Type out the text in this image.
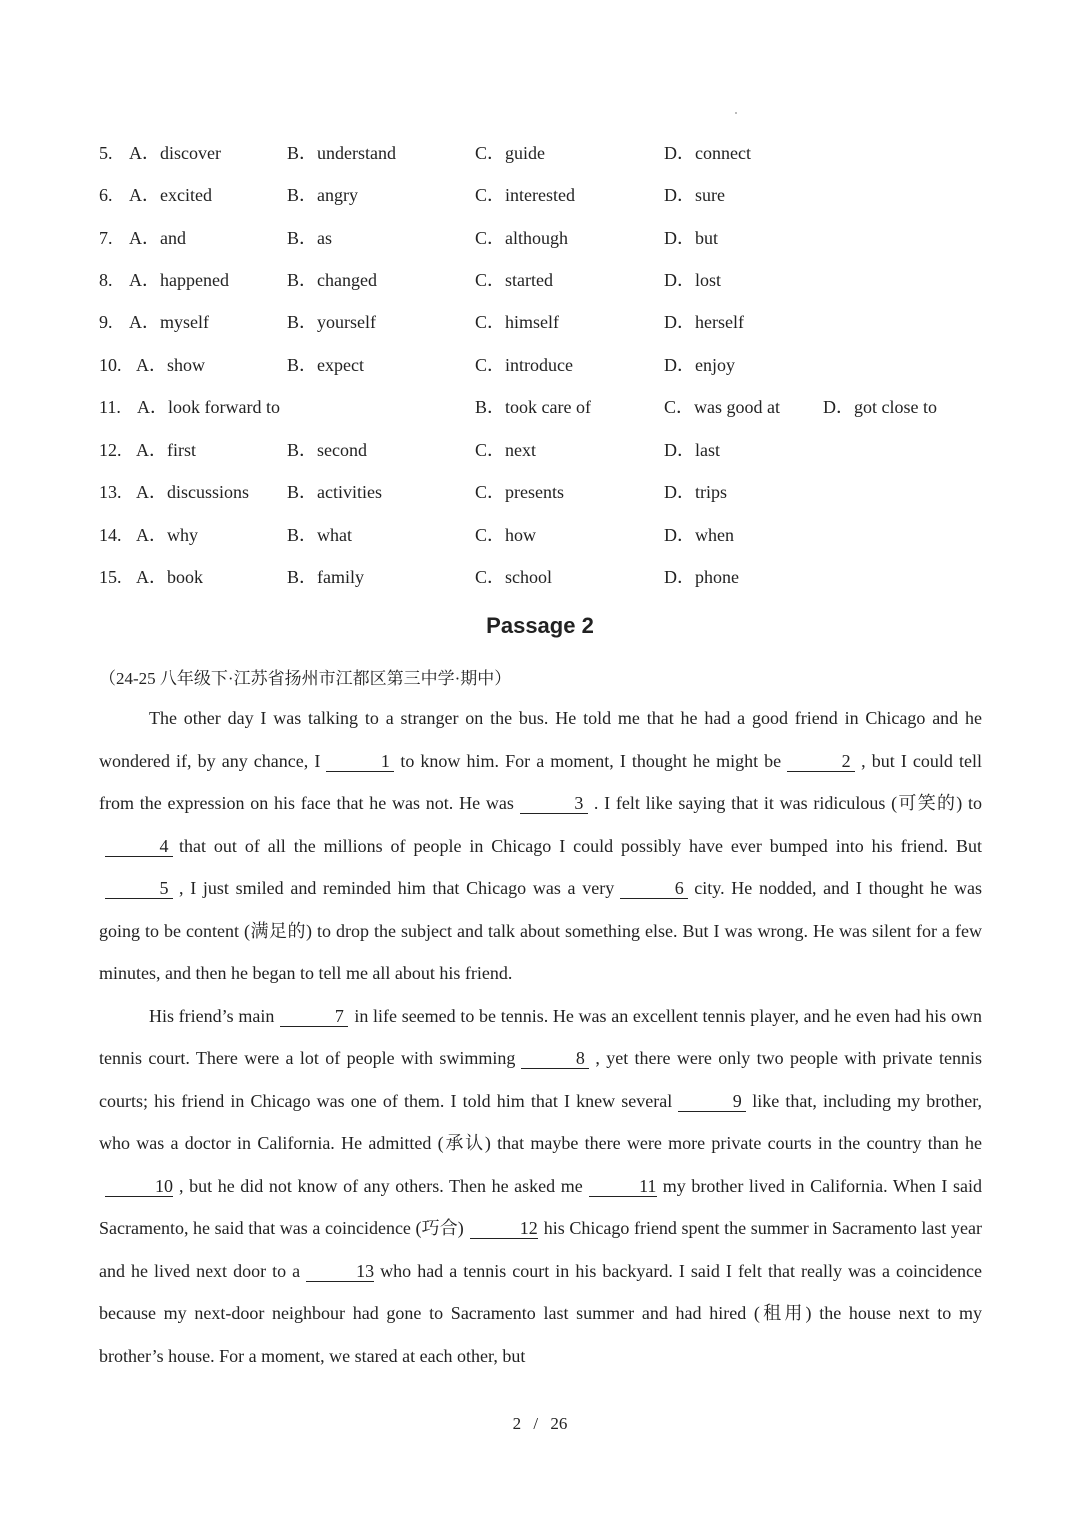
5. A．discover	B．understand	C．guide	D．connect
6. A．excited	B．angry	C．interested	D．sure
7. A．and	B．as	C．although	D．but
8. A．happened	B．changed	C．started	D．lost
9. A．myself	B．yourself	C．himself	D．herself
10. A．show	B．expect	C．introduce	D．enjoy
11. A．look forward to	B．took care of	C．was good at D．got close to
12. A．first	B．second	C．next	D．last
13. A．discussions B．activities	C．presents	D．trips
14. A．why	B．what	C．how	D．when
15. A．book	B．family	C．school	D．phone
Passage 2
（24-25 八年级下·江苏省扬州市江都区第三中学·期中）

The other day I was talking to a stranger on the bus. He told me that he had a good friend in Chicago and he wondered if, by any chance, I	1 to know him. For a moment, I thought he might be	2 , but I could tell from the expression on his face that he was not. He was	3 . I felt like saying that it was ridiculous (可笑的) to4 that out of all the millions of people in Chicago I could possibly have ever bumped into his friend. But5 , I just smiled and reminded him that Chicago was a very	6 city. He nodded, and I thought he was going to be content (满足的) to drop the subject and talk about something else. But I was wrong. He was silent for a few minutes, and then he began to tell me all about his friend.

His friend’s main	7 in life seemed to be tennis. He was an excellent tennis player, and he even had his own tennis court. There were a lot of people with swimming	8 , yet there were only two people with private tennis courts; his friend in Chicago was one of them. I told him that I knew several	9 like that, including my brother, who was a doctor in California. He admitted (承认) that maybe there were more private courts in the country than he10 , but he did not know of any others. Then he asked me	11 my brother lived in California. When I said Sacramento, he said that was a coincidence (巧合)	12 his Chicago friend spent the summer in Sacramento last year and he lived next door to a	13 who had a tennis court in his backyard. I said I felt that really was a coincidence because my next-door neighbour had gone to Sacramento last summer and had hired (租用) the house next to my brother’s house. For a moment, we stared at each other, but

2 / 26
